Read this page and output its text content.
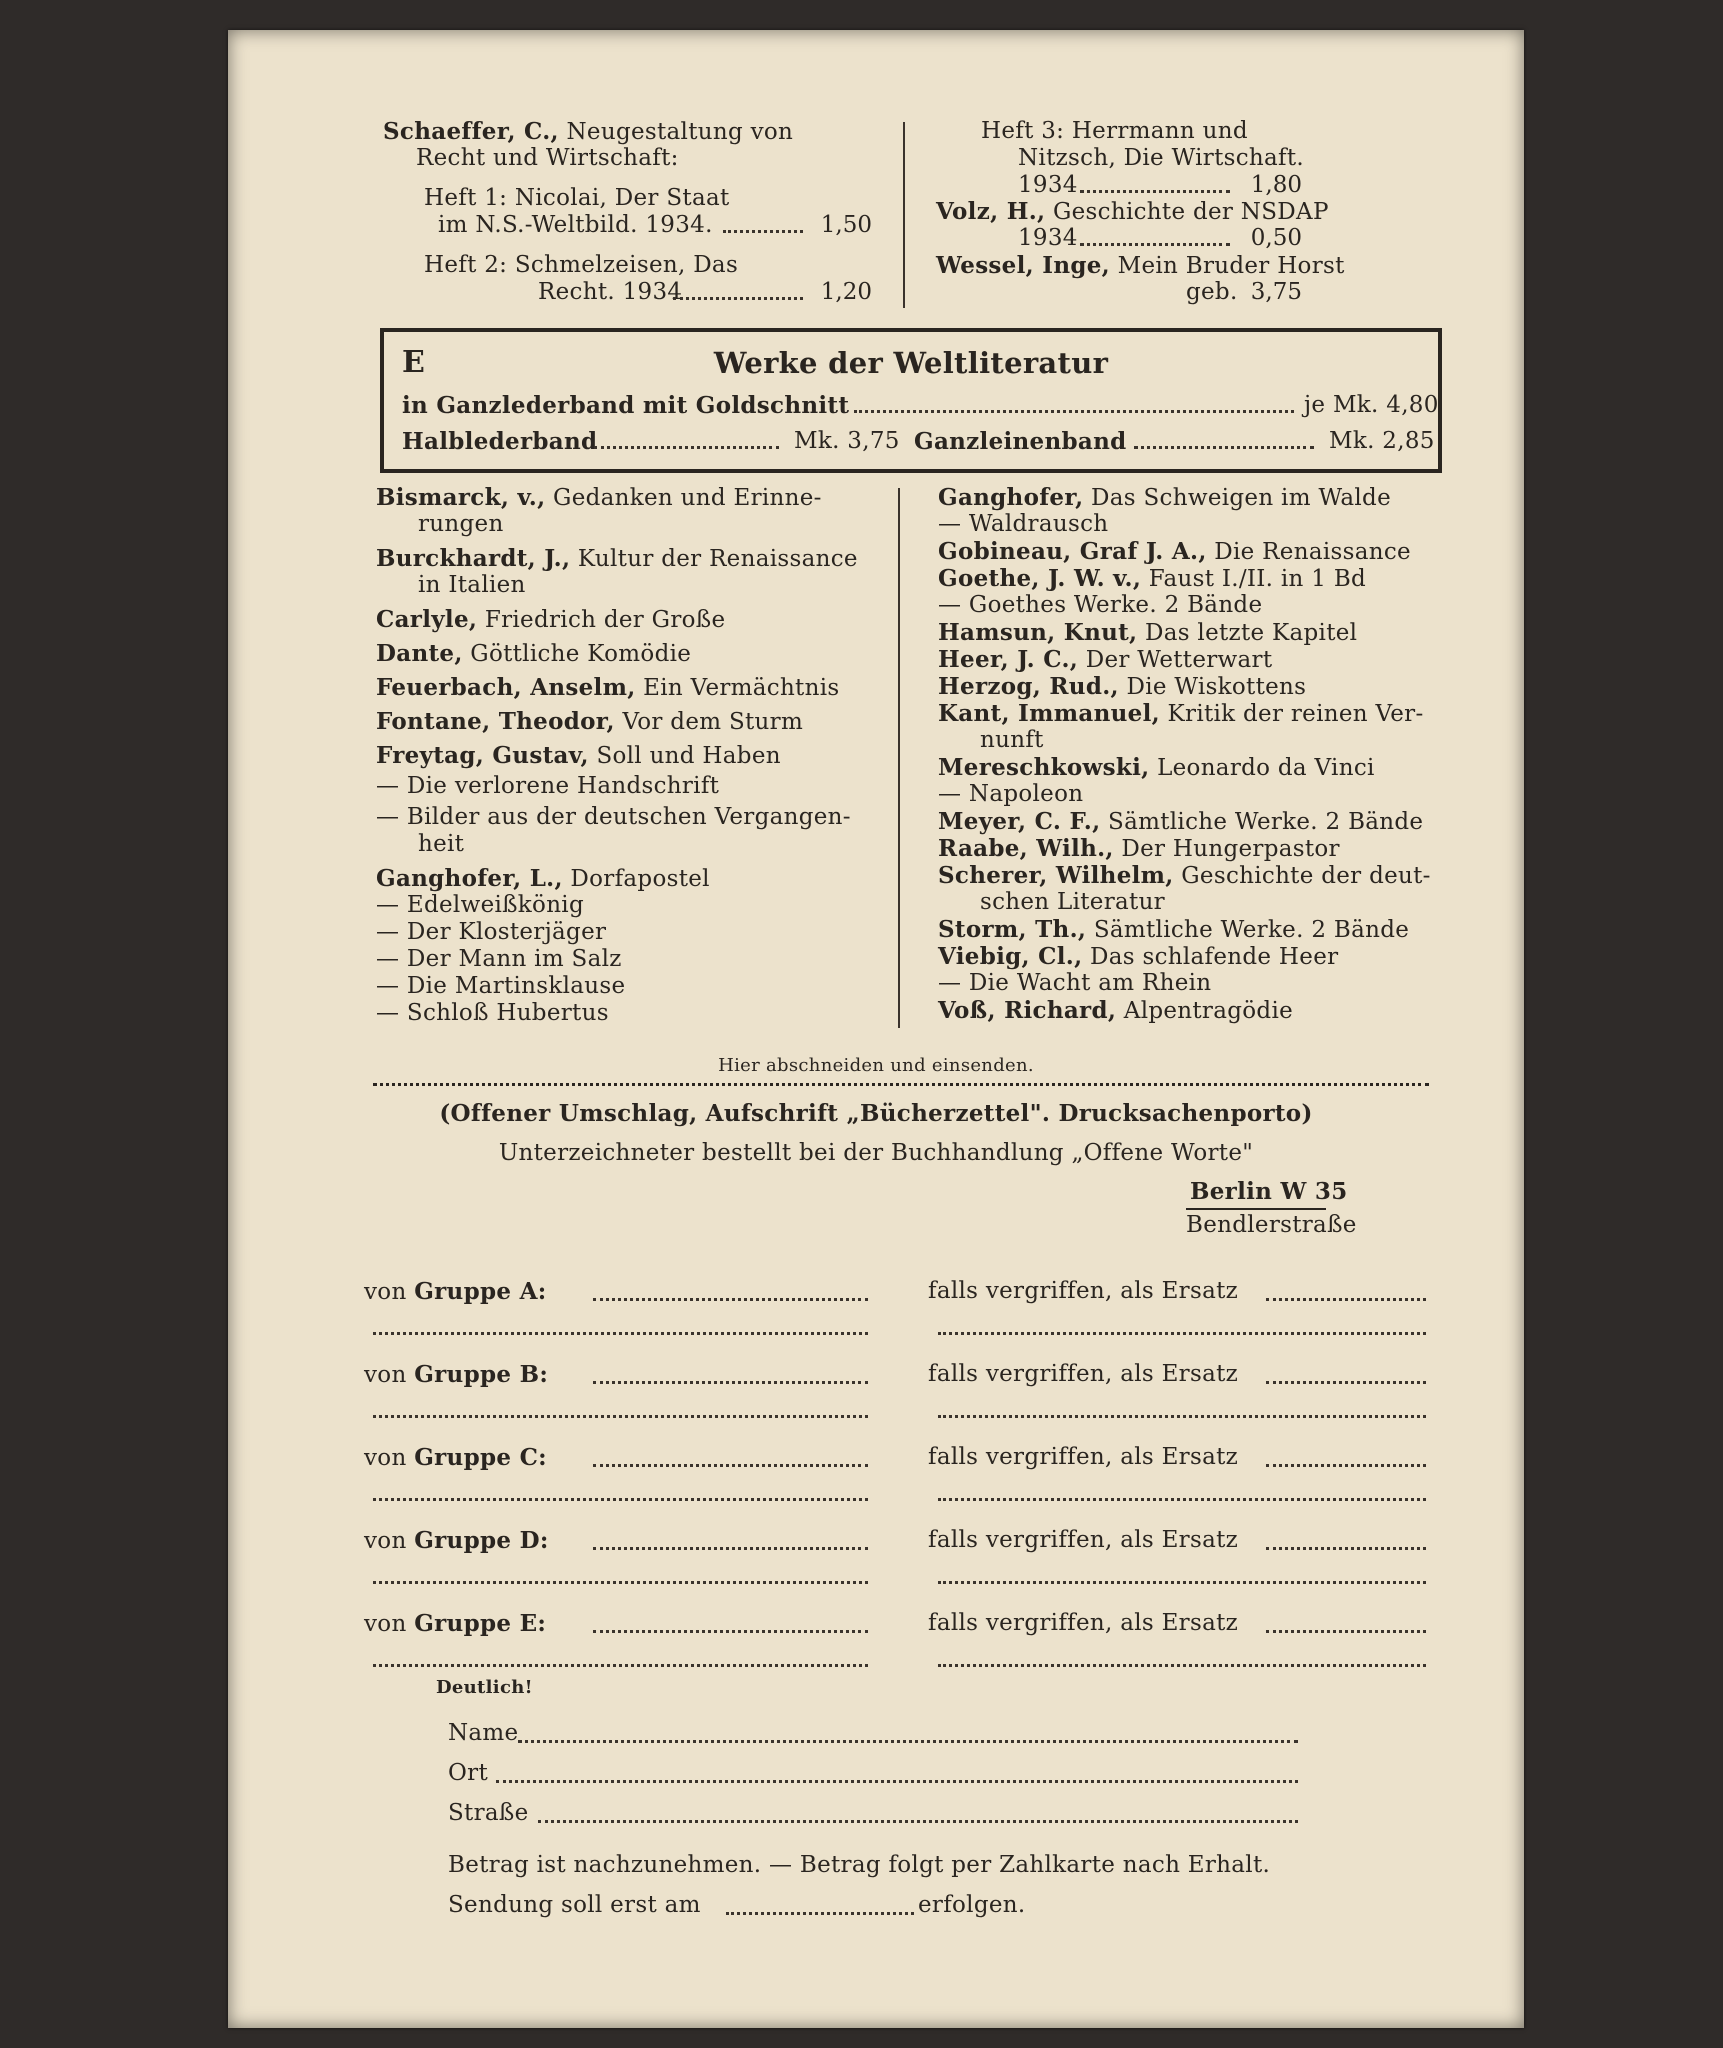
Schaeffer, C., Neugestaltung von
Recht und Wirtschaft:
Heft 1: Nicolai, Der Staat
im N.S.-Weltbild. 1934.	1,50
Heft 2: Schmelzeisen, Das
Recht. 1934	1,20
Heft 3: Herrmann und
Nitzsch, Die Wirtschaft.
1934	1,80
Volz, H., Geschichte der NSDAP
1934	0,50
Wessel, Inge, Mein Bruder Horst
geb. 3,75
E	Werke der Weltliteratur
in Ganzlederband mit Goldschnitt	je Mk. 4,80
Halblederband	Mk. 3,75 Ganzleinenband	Mk. 2,85
Bismarck, v., Gedanken und Erinne-
rungen
Burckhardt, J., Kultur der Renaissance
in Italien
Carlyle, Friedrich der Große
Dante, Göttliche Komödie
Feuerbach, Anselm, Ein Vermächtnis
Fontane, Theodor, Vor dem Sturm
Freytag, Gustav, Soll und Haben
— Die verlorene Handschrift
— Bilder aus der deutschen Vergangen-
heit
Ganghofer, L., Dorfapostel
— Edelweißkönig
— Der Klosterjäger
— Der Mann im Salz
— Die Martinsklause
— Schloß Hubertus
Ganghofer, Das Schweigen im Walde
— Waldrausch
Gobineau, Graf J. A., Die Renaissance
Goethe, J. W. v., Faust I./II. in 1 Bd
— Goethes Werke. 2 Bände
Hamsun, Knut, Das letzte Kapitel
Heer, J. C., Der Wetterwart
Herzog, Rud., Die Wiskottens
Kant, Immanuel, Kritik der reinen Ver-
nunft
Mereschkowski, Leonardo da Vinci
— Napoleon
Meyer, C. F., Sämtliche Werke. 2 Bände
Raabe, Wilh., Der Hungerpastor
Scherer, Wilhelm, Geschichte der deut-
schen Literatur
Storm, Th., Sämtliche Werke. 2 Bände
Viebig, Cl., Das schlafende Heer
— Die Wacht am Rhein
Voß, Richard, Alpentragödie
Hier abschneiden und einsenden.
(Offener Umschlag, Aufschrift „Bücherzettel". Drucksachenporto)
Unterzeichneter bestellt bei der Buchhandlung „Offene Worte"
Berlin W 35
Bendlerstraße
von Gruppe A:	falls vergriffen, als Ersatz
von Gruppe B:	falls vergriffen, als Ersatz
von Gruppe C:	falls vergriffen, als Ersatz
von Gruppe D:	falls vergriffen, als Ersatz
von Gruppe E:	falls vergriffen, als Ersatz
Deutlich!
Name
Ort
Straße
Betrag ist nachzunehmen. — Betrag folgt per Zahlkarte nach Erhalt.
Sendung soll erst am	erfolgen.
